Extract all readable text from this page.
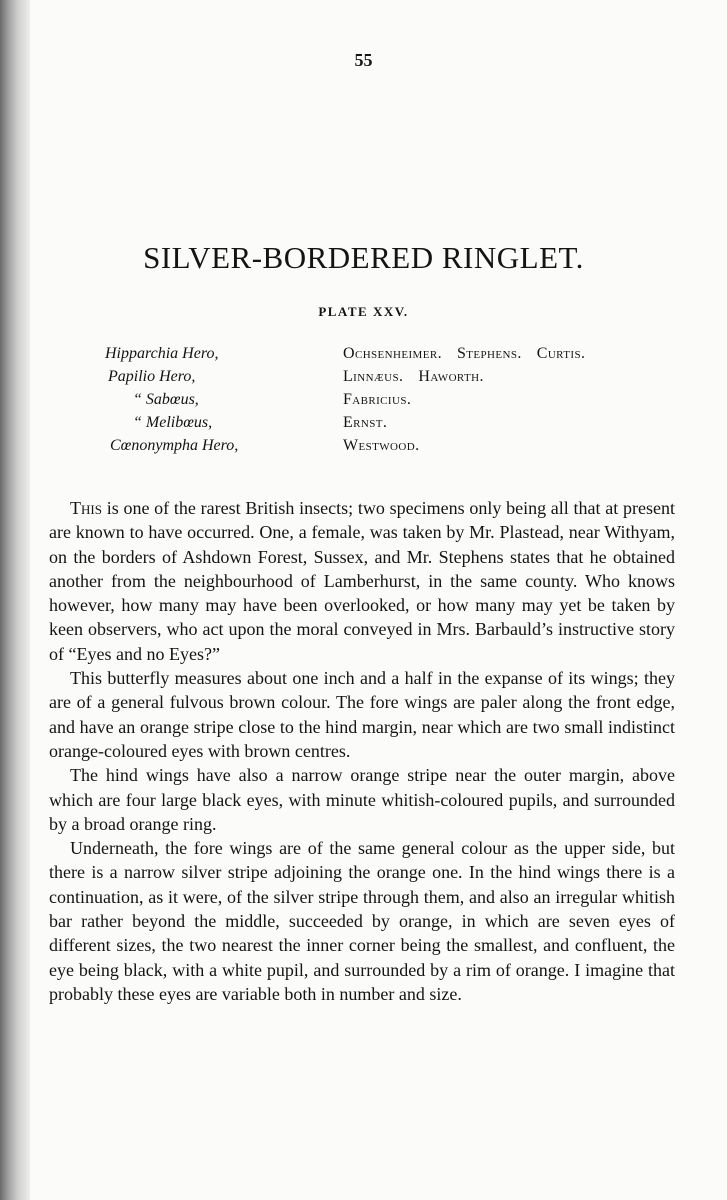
55
SILVER-BORDERED RINGLET.
PLATE XXV.
Hipparchia Hero,	Ochsenheimer. Stephens. Curtis.
Papilio Hero,	Linnæus. Haworth.
“ Sabœus,	Fabricius.
“ Melibœus,	Ernst.
Cœnonympha Hero,	Westwood.

This is one of the rarest British insects; two specimens only being all that at present are known to have occurred. One, a female, was taken by Mr. Plastead, near Withyam, on the borders of Ashdown Forest, Sussex, and Mr. Stephens states that he obtained another from the neighbourhood of Lamberhurst, in the same county. Who knows however, how many may have been overlooked, or how many may yet be taken by keen observers, who act upon the moral conveyed in Mrs. Barbauld’s instructive story of “Eyes and no Eyes?”

This butterfly measures about one inch and a half in the expanse of its wings; they are of a general fulvous brown colour. The fore wings are paler along the front edge, and have an orange stripe close to the hind margin, near which are two small indistinct orange-coloured eyes with brown centres.

The hind wings have also a narrow orange stripe near the outer margin, above which are four large black eyes, with minute whitish-coloured pupils, and surrounded by a broad orange ring.

Underneath, the fore wings are of the same general colour as the upper side, but there is a narrow silver stripe adjoining the orange one. In the hind wings there is a continuation, as it were, of the silver stripe through them, and also an irregular whitish bar rather beyond the middle, succeeded by orange, in which are seven eyes of different sizes, the two nearest the inner corner being the smallest, and confluent, the eye being black, with a white pupil, and surrounded by a rim of orange. I imagine that probably these eyes are variable both in number and size.
